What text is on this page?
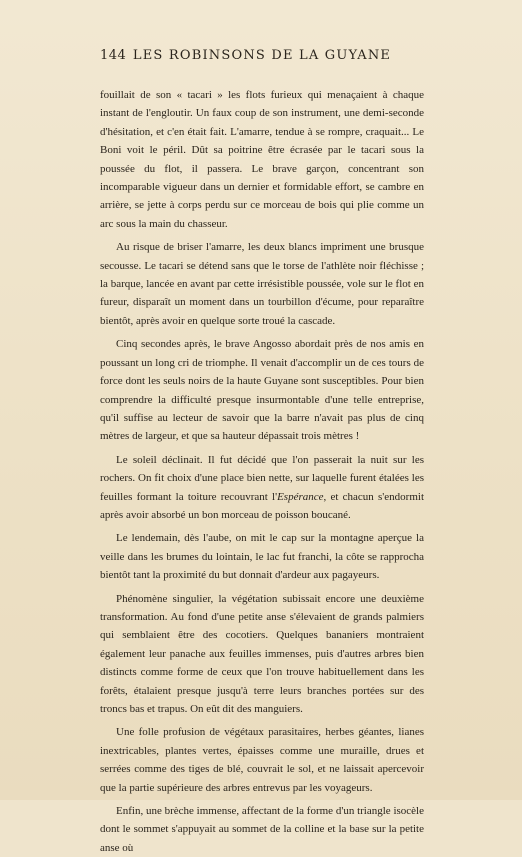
144 LES ROBINSONS DE LA GUYANE

fouillait de son « tacari » les flots furieux qui menaçaient à chaque instant de l'engloutir. Un faux coup de son instrument, une demi-seconde d'hésitation, et c'en était fait. L'amarre, tendue à se rompre, craquait... Le Boni voit le péril. Dût sa poitrine être écrasée par le tacari sous la poussée du flot, il passera. Le brave garçon, concentrant son incomparable vigueur dans un dernier et formidable effort, se cambre en arrière, se jette à corps perdu sur ce morceau de bois qui plie comme un arc sous la main du chasseur.

Au risque de briser l'amarre, les deux blancs impriment une brusque secousse. Le tacari se détend sans que le torse de l'athlète noir fléchisse ; la barque, lancée en avant par cette irrésistible poussée, vole sur le flot en fureur, disparaît un moment dans un tourbillon d'écume, pour reparaître bientôt, après avoir en quelque sorte troué la cascade.

Cinq secondes après, le brave Angosso abordait près de nos amis en poussant un long cri de triomphe. Il venait d'accomplir un de ces tours de force dont les seuls noirs de la haute Guyane sont susceptibles. Pour bien comprendre la difficulté presque insurmontable d'une telle entreprise, qu'il suffise au lecteur de savoir que la barre n'avait pas plus de cinq mètres de largeur, et que sa hauteur dépassait trois mètres !

Le soleil déclinait. Il fut décidé que l'on passerait la nuit sur les rochers. On fit choix d'une place bien nette, sur laquelle furent étalées les feuilles formant la toiture recouvrant l'Espérance, et chacun s'endormit après avoir absorbé un bon morceau de poisson boucané.

Le lendemain, dès l'aube, on mit le cap sur la montagne aperçue la veille dans les brumes du lointain, le lac fut franchi, la côte se rapprocha bientôt tant la proximité du but donnait d'ardeur aux pagayeurs.

Phénomène singulier, la végétation subissait encore une deuxième transformation. Au fond d'une petite anse s'élevaient de grands palmiers qui semblaient être des cocotiers. Quelques bananiers montraient également leur panache aux feuilles immenses, puis d'autres arbres bien distincts comme forme de ceux que l'on trouve habituellement dans les forêts, étalaient presque jusqu'à terre leurs branches portées sur des troncs bas et trapus. On eût dit des manguiers.

Une folle profusion de végétaux parasitaires, herbes géantes, lianes inextricables, plantes vertes, épaisses comme une muraille, drues et serrées comme des tiges de blé, couvrait le sol, et ne laissait apercevoir que la partie supérieure des arbres entrevus par les voyageurs.

Enfin, une brèche immense, affectant de la forme d'un triangle isocèle dont le sommet s'appuyait au sommet de la colline et la base sur la petite anse où
